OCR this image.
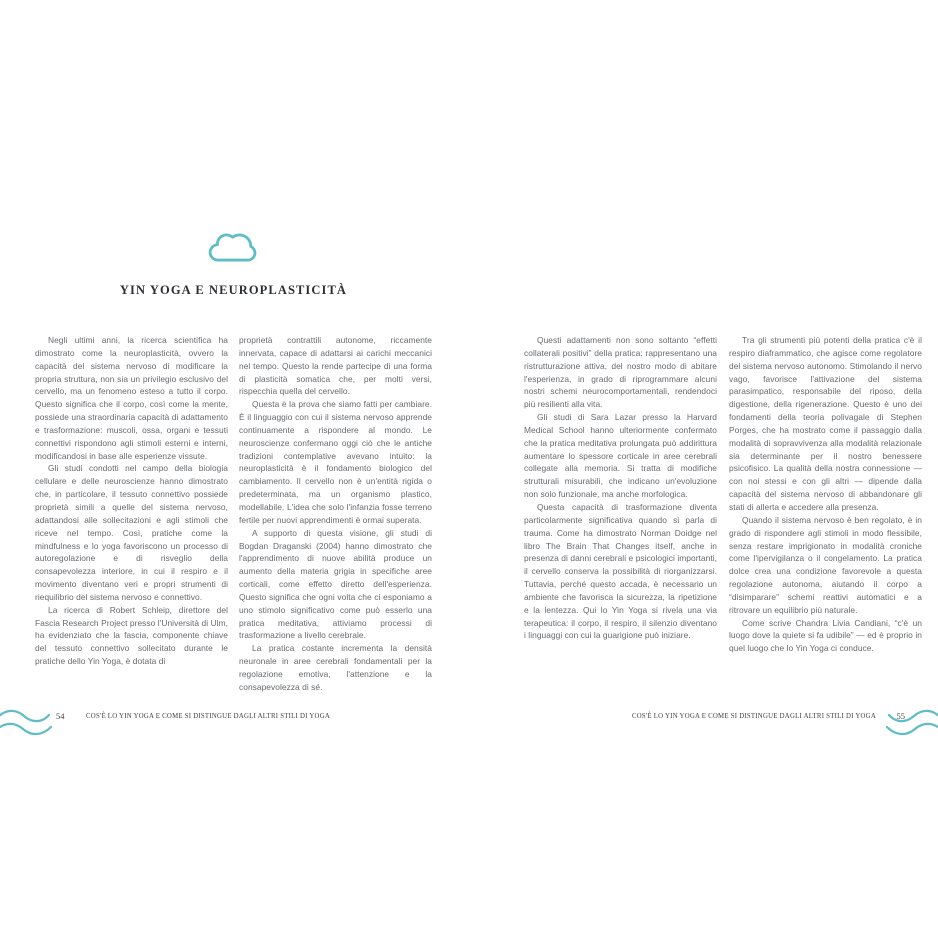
YIN YOGA E NEUROPLASTICITÀ

Negli ultimi anni, la ricerca scientifica ha dimostrato come la neuroplasticità, ovvero la capacità del sistema nervoso di modificare la propria struttura, non sia un privilegio esclusivo del cervello, ma un fenomeno esteso a tutto il corpo. Questo significa che il corpo, così come la mente, possiede una straordinaria capacità di adattamento e trasformazione: muscoli, ossa, organi e tessuti connettivi rispondono agli stimoli esterni e interni, modificandosi in base alle esperienze vissute.

Gli studi condotti nel campo della biologia cellulare e delle neuroscienze hanno dimostrato che, in particolare, il tessuto connettivo possiede proprietà simili a quelle del sistema nervoso, adattandosi alle sollecitazioni e agli stimoli che riceve nel tempo. Così, pratiche come la mindfulness e lo yoga favoriscono un processo di autoregolazione e di risveglio della consapevolezza interiore, in cui il respiro e il movimento diventano veri e propri strumenti di riequilibrio del sistema nervoso e connettivo.

La ricerca di Robert Schleip, direttore del Fascia Research Project presso l'Università di Ulm, ha evidenziato che la fascia, componente chiave del tessuto connettivo sollecitato durante le pratiche dello Yin Yoga, è dotata di

proprietà contrattili autonome, riccamente innervata, capace di adattarsi ai carichi meccanici nel tempo. Questo la rende partecipe di una forma di plasticità somatica che, per molti versi, rispecchia quella del cervello.

Questa è la prova che siamo fatti per cambiare. È il linguaggio con cui il sistema nervoso apprende continuamente a rispondere al mondo. Le neuroscienze confermano oggi ciò che le antiche tradizioni contemplative avevano intuito: la neuroplasticità è il fondamento biologico del cambiamento. Il cervello non è un'entità rigida o predeterminata, ma un organismo plastico, modellabile. L'idea che solo l'infanzia fosse terreno fertile per nuovi apprendimenti è ormai superata.

A supporto di questa visione, gli studi di Bogdan Draganski (2004) hanno dimostrato che l'apprendimento di nuove abilità produce un aumento della materia grigia in specifiche aree corticali, come effetto diretto dell'esperienza. Questo significa che ogni volta che ci esponiamo a uno stimolo significativo come può esserlo una pratica meditativa, attiviamo processi di trasformazione a livello cerebrale.

La pratica costante incrementa la densità neuronale in aree cerebrali fondamentali per la regolazione emotiva, l'attenzione e la consapevolezza di sé.

54	COS'È LO YIN YOGA E COME SI DISTINGUE DAGLI ALTRI STILI DI YOGA

Questi adattamenti non sono soltanto “effetti collaterali positivi” della pratica: rappresentano una ristrutturazione attiva, del nostro modo di abitare l'esperienza, in grado di riprogrammare alcuni nostri schemi neurocomportamentali, rendendoci più resilienti alla vita.

Gli studi di Sara Lazar presso la Harvard Medical School hanno ulteriormente confermato che la pratica meditativa prolungata può addirittura aumentare lo spessore corticale in aree cerebrali collegate alla memoria. Si tratta di modifiche strutturali misurabili, che indicano un'evoluzione non solo funzionale, ma anche morfologica.

Questa capacità di trasformazione diventa particolarmente significativa quando si parla di trauma. Come ha dimostrato Norman Doidge nel libro The Brain That Changes itself, anche in presenza di danni cerebrali e psicologici importanti, il cervello conserva la possibilità di riorganizzarsi. Tuttavia, perché questo accada, è necessario un ambiente che favorisca la sicurezza, la ripetizione e la lentezza. Qui lo Yin Yoga si rivela una via terapeutica: il corpo, il respiro, il silenzio diventano i linguaggi con cui la guarigione può iniziare.

Tra gli strumenti più potenti della pratica c'è il respiro diaframmatico, che agisce come regolatore del sistema nervoso autonomo. Stimolando il nervo vago, favorisce l'attivazione del sistema parasimpatico, responsabile del riposo, della digestione, della rigenerazione. Questo è uno dei fondamenti della teoria polivagale di Stephen Porges, che ha mostrato come il passaggio dalla modalità di sopravvivenza alla modalità relazionale sia determinante per il nostro benessere psicofisico. La qualità della nostra connessione — con noi stessi e con gli altri — dipende dalla capacità del sistema nervoso di abbandonare gli stati di allerta e accedere alla presenza.

Quando il sistema nervoso è ben regolato, è in grado di rispondere agli stimoli in modo flessibile, senza restare imprigionato in modalità croniche come l'ipervigilanza o il congelamento. La pratica dolce crea una condizione favorevole a questa regolazione autonoma, aiutando il corpo a “disimparare” schemi reattivi automatici e a ritrovare un equilibrio più naturale.

Come scrive Chandra Livia Candiani, “c'è un luogo dove la quiete si fa udibile” — ed è proprio in quel luogo che lo Yin Yoga ci conduce.

COS'È LO YIN YOGA E COME SI DISTINGUE DAGLI ALTRI STILI DI YOGA 55
